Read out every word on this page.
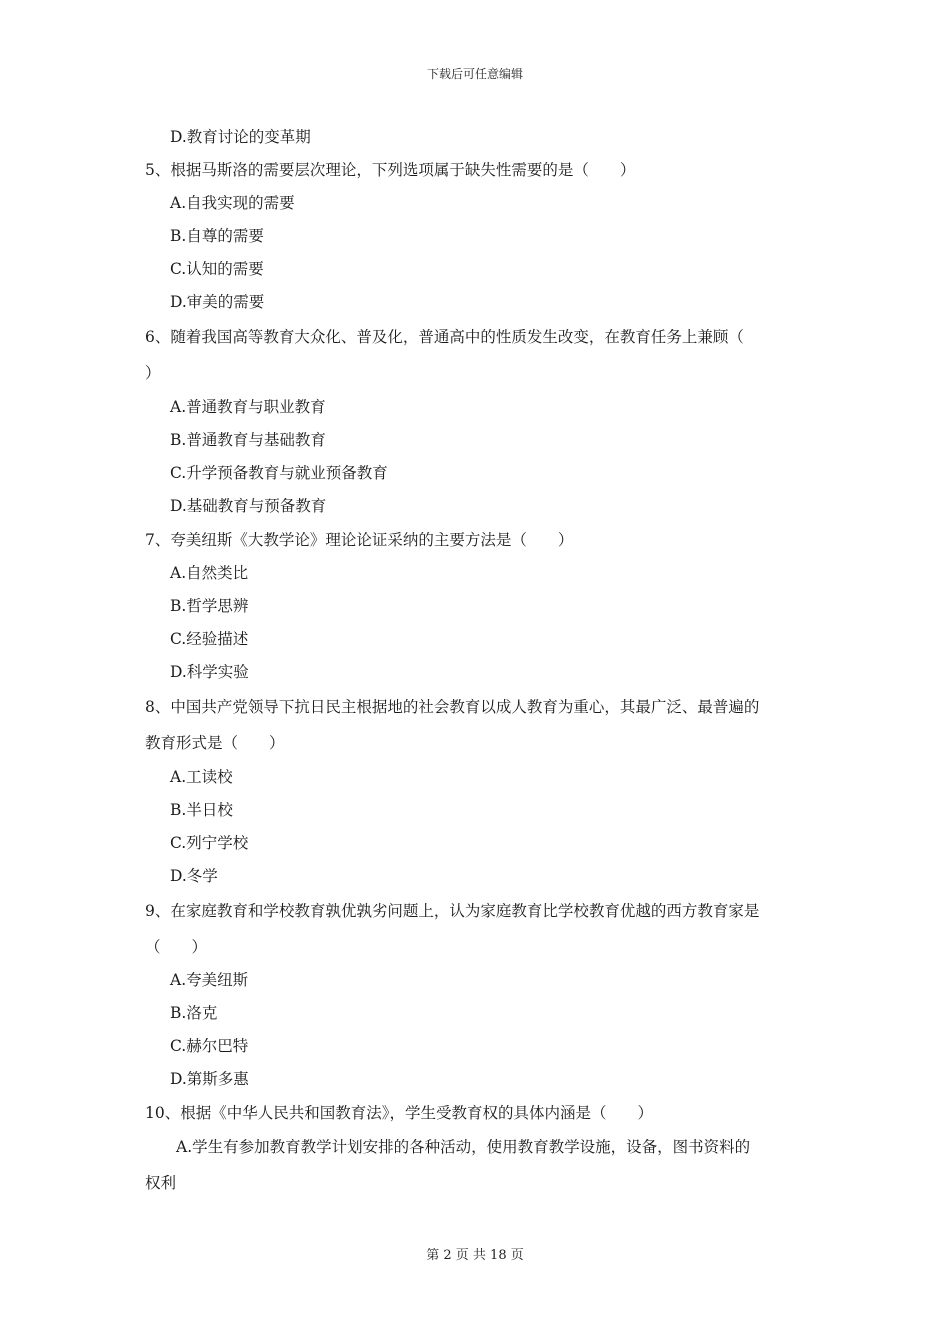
下载后可任意编辑
D.教育讨论的变革期
5、根据马斯洛的需要层次理论，下列选项属于缺失性需要的是（　　）
A.自我实现的需要
B.自尊的需要
C.认知的需要
D.审美的需要
6、随着我国高等教育大众化、普及化，普通高中的性质发生改变，在教育任务上兼顾（
）
A.普通教育与职业教育
B.普通教育与基础教育
C.升学预备教育与就业预备教育
D.基础教育与预备教育
7、夸美纽斯《大教学论》理论论证采纳的主要方法是（　　）
A.自然类比
B.哲学思辨
C.经验描述
D.科学实验
8、中国共产党领导下抗日民主根据地的社会教育以成人教育为重心，其最广泛、最普遍的
教育形式是（　　）
A.工读校
B.半日校
C.列宁学校
D.冬学
9、在家庭教育和学校教育孰优孰劣问题上，认为家庭教育比学校教育优越的西方教育家是
（　　）
A.夸美纽斯
B.洛克
C.赫尔巴特
D.第斯多惠
10、根据《中华人民共和国教育法》，学生受教育权的具体内涵是（　　）
A.学生有参加教育教学计划安排的各种活动，使用教育教学设施，设备，图书资料的
权利
第 2 页 共 18 页
